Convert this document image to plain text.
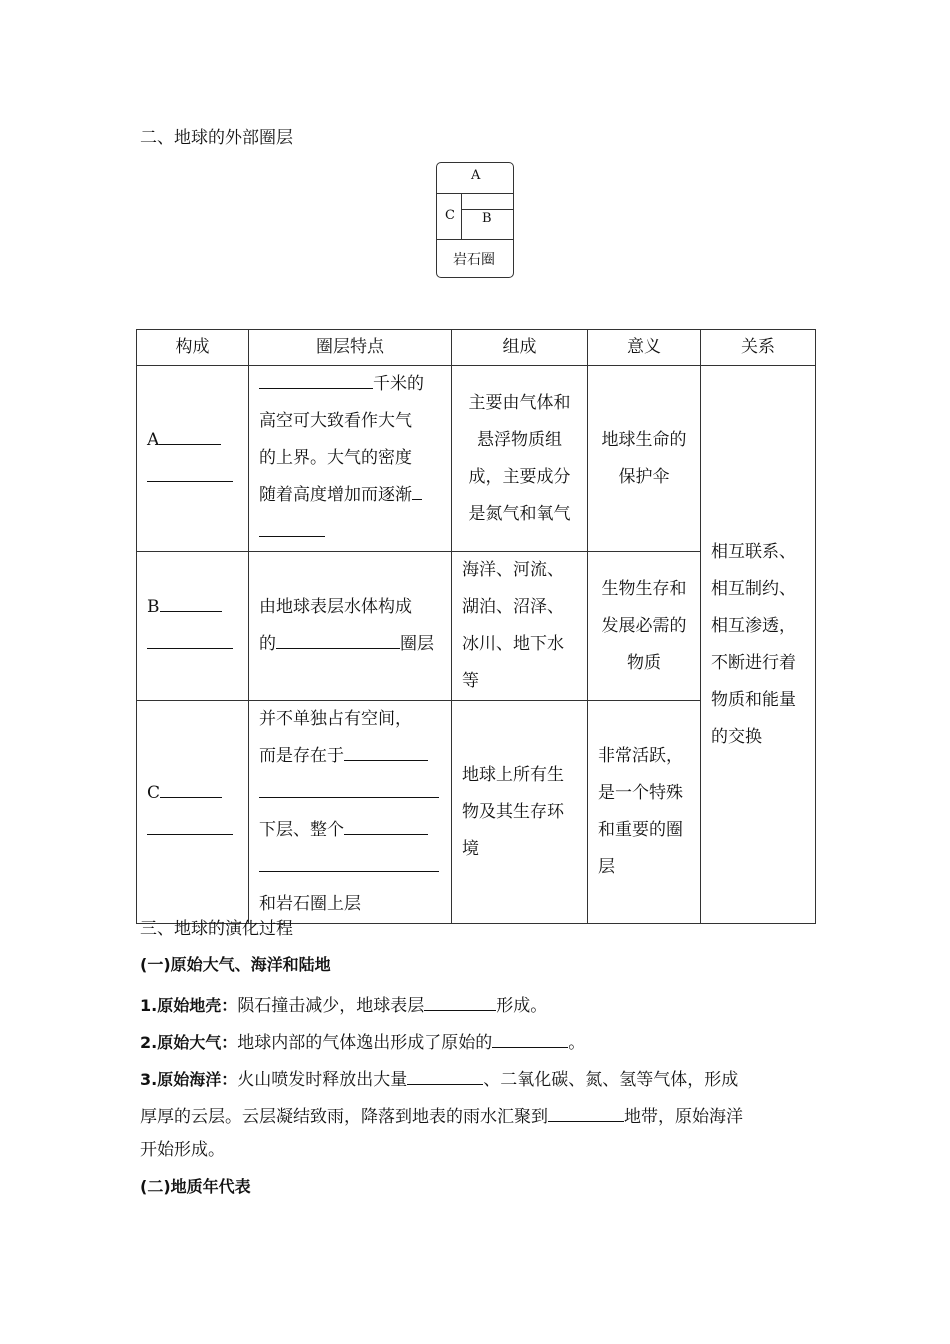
二、地球的外部圈层
A
C B
岩石圈
构成	圈层特点	组成	意义	关系
A	千米的
高空可大致看作大气
的上界。大气的密度
随着高度增加而逐渐	主要由气体和悬浮物质组成，主要成分是氮气和氧气	地球生命的保护伞	相互联系、相互制约、相互渗透，不断进行着物质和能量的交换
B	由地球表层水体构成
的 圈层	海洋、河流、湖泊、沼泽、冰川、地下水等	生物生存和发展必需的物质	
C	并不单独占有空间，
而是存在于

下层、整个

和岩石圈上层	地球上所有生物及其生存环境	非常活跃，是一个特殊和重要的圈层	
三、地球的演化过程
(一)原始大气、海洋和陆地
1.原始地壳：陨石撞击减少，地球表层	形成。
2.原始大气：地球内部的气体逸出形成了原始的	。
3.原始海洋：火山喷发时释放出大量	、二氧化碳、氮、氢等气体，形成
厚厚的云层。云层凝结致雨，降落到地表的雨水汇聚到	地带，原始海洋
开始形成。
(二)地质年代表
